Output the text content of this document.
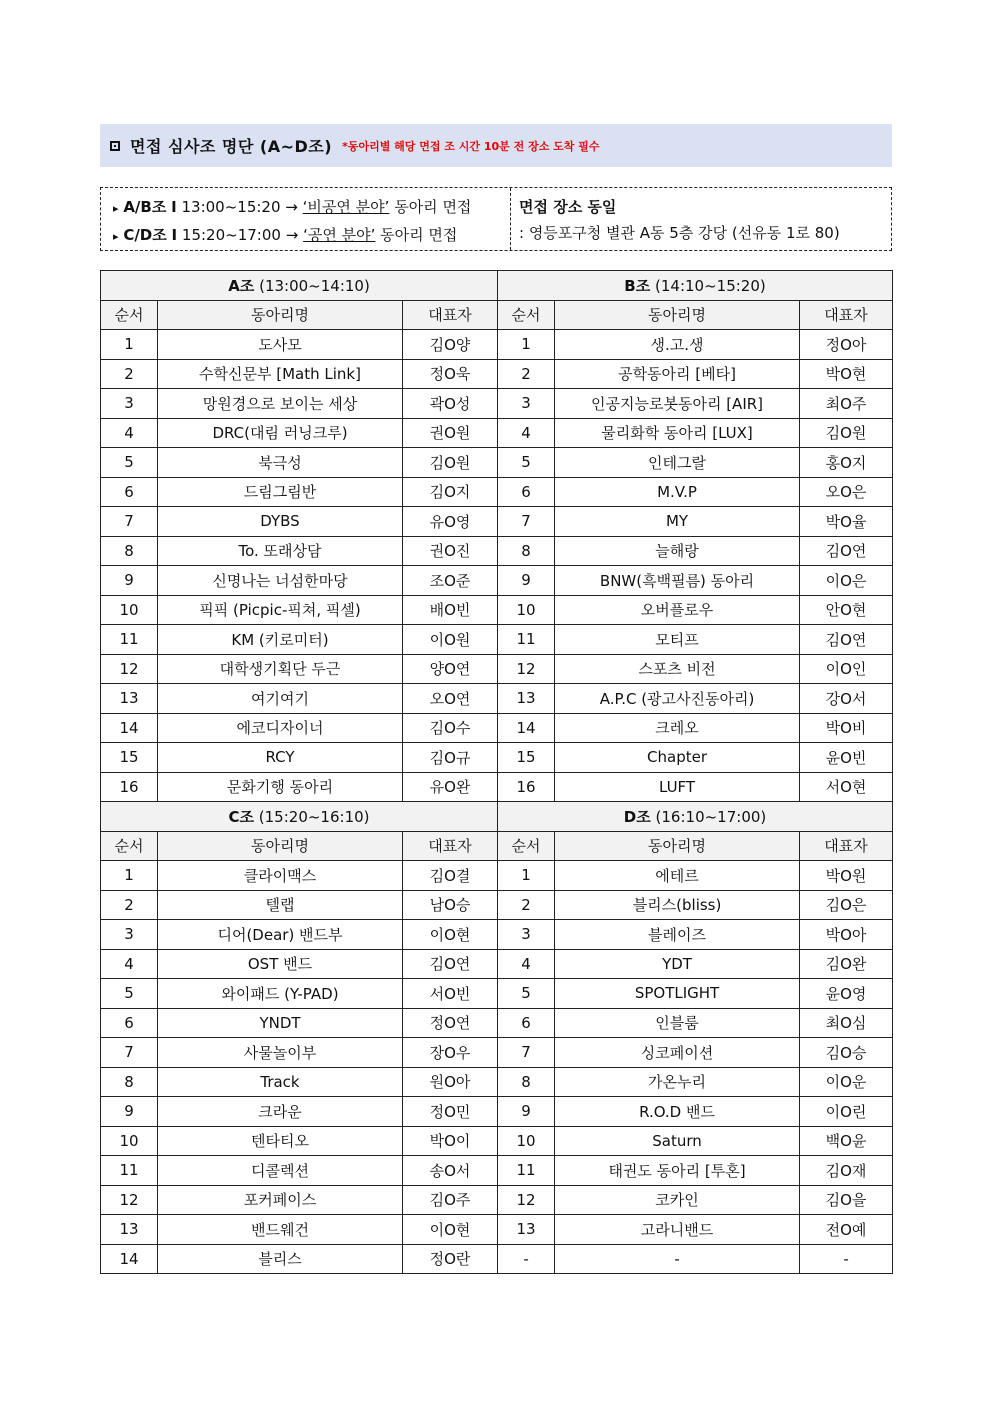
면접 심사조 명단 (A~D조) *동아리별 해당 면접 조 시간 10분 전 장소 도착 필수
▸ A/B조 I 13:00~15:20 → ‘비공연 분야’ 동아리 면접
▸ C/D조 I 15:20~17:00 → ‘공연 분야’ 동아리 면접
면접 장소 동일
: 영등포구청 별관 A동 5층 강당 (선유동 1로 80)
A조 (13:00~14:10)			B조 (14:10~15:20)		
순서	동아리명	대표자	순서	동아리명	대표자
1	도사모	김O양	1	생.고.생	정O아
2	수학신문부 [Math Link]	정O욱	2	공학동아리 [베타]	박O현
3	망원경으로 보이는 세상	곽O성	3	인공지능로봇동아리 [AIR]	최O주
4	DRC(대림 러닝크루)	권O원	4	물리화학 동아리 [LUX]	김O원
5	북극성	김O원	5	인테그랄	홍O지
6	드림그림반	김O지	6	M.V.P	오O은
7	DYBS	유O영	7	MY	박O율
8	To. 또래상담	권O진	8	늘해랑	김O연
9	신명나는 너섬한마당	조O준	9	BNW(흑백필름) 동아리	이O은
10	픽픽 (Picpic-픽쳐, 픽셀)	배O빈	10	오버플로우	안O현
11	KM (키로미터)	이O원	11	모티프	김O연
12	대학생기획단 두근	양O연	12	스포츠 비전	이O인
13	여기여기	오O연	13	A.P.C (광고사진동아리)	강O서
14	에코디자이너	김O수	14	크레오	박O비
15	RCY	김O규	15	Chapter	윤O빈
16	문화기행 동아리	유O완	16	LUFT	서O현
C조 (15:20~16:10)			D조 (16:10~17:00)		
순서	동아리명	대표자	순서	동아리명	대표자
1	클라이맥스	김O결	1	에테르	박O원
2	텔랩	남O승	2	블리스(bliss)	김O은
3	디어(Dear) 밴드부	이O현	3	블레이즈	박O아
4	OST 밴드	김O연	4	YDT	김O완
5	와이패드 (Y-PAD)	서O빈	5	SPOTLIGHT	윤O영
6	YNDT	정O연	6	인블룸	최O심
7	사물놀이부	장O우	7	싱코페이션	김O승
8	Track	원O아	8	가온누리	이O운
9	크라운	정O민	9	R.O.D 밴드	이O린
10	텐타티오	박O이	10	Saturn	백O윤
11	디콜렉션	송O서	11	태권도 동아리 [투혼]	김O재
12	포커페이스	김O주	12	코카인	김O을
13	밴드웨건	이O현	13	고라니밴드	전O예
14	블리스	정O란	-	-	-
